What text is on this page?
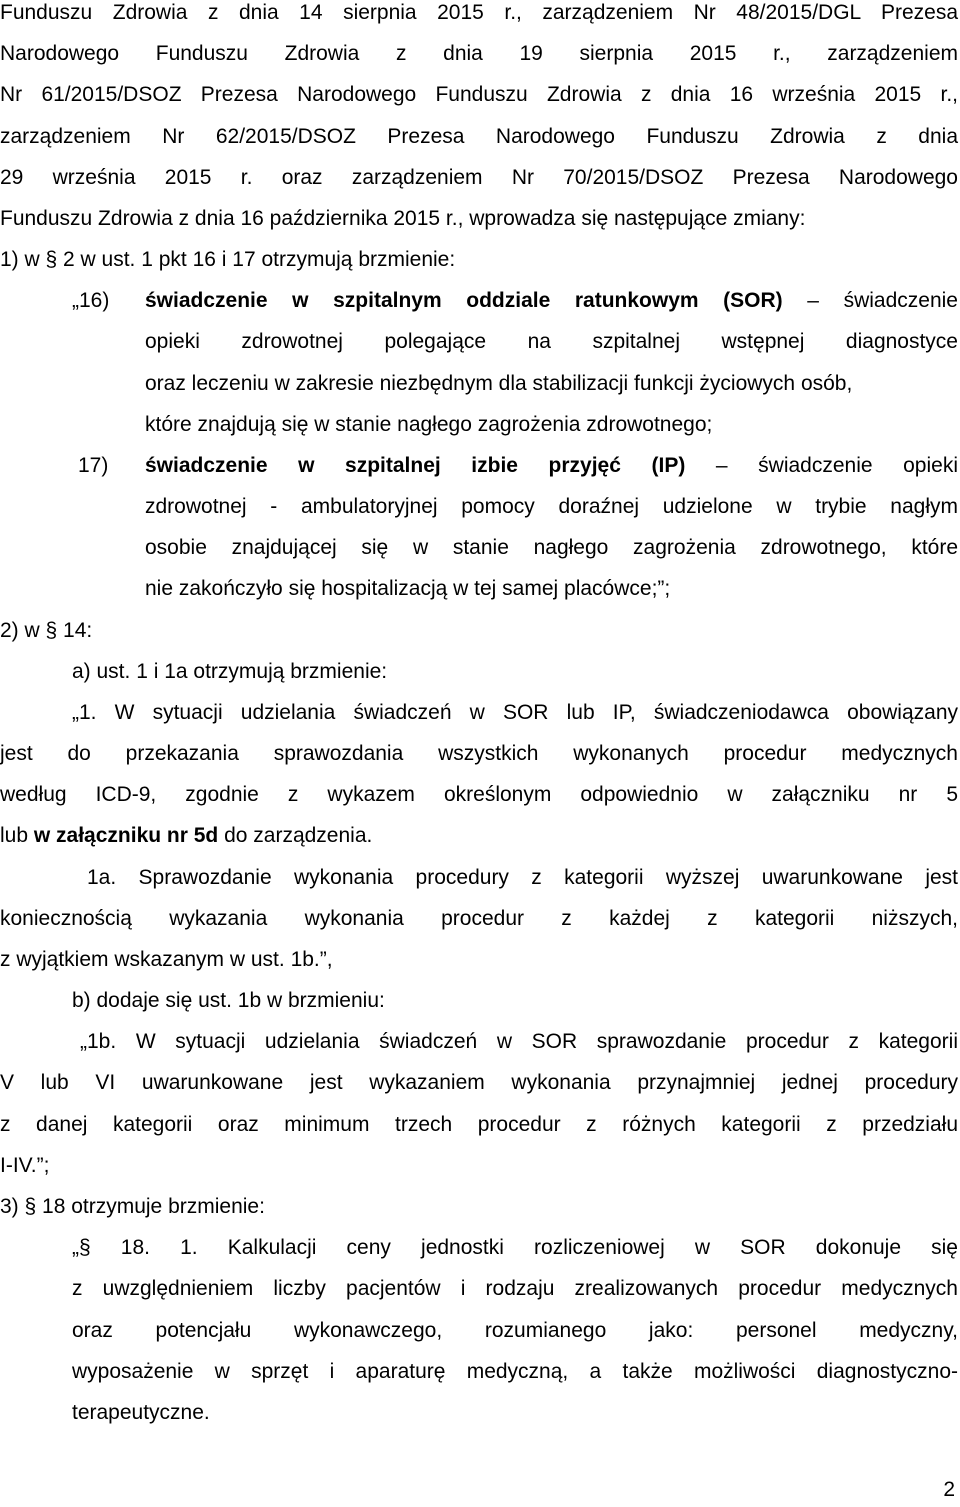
Funduszu Zdrowia z dnia 14 sierpnia 2015 r., zarządzeniem Nr 48/2015/DGL Prezesa
Narodowego Funduszu Zdrowia z dnia 19 sierpnia 2015 r., zarządzeniem
Nr 61/2015/DSOZ Prezesa Narodowego Funduszu Zdrowia z dnia 16 września 2015 r.,
zarządzeniem Nr 62/2015/DSOZ Prezesa Narodowego Funduszu Zdrowia z dnia
29 września 2015 r. oraz zarządzeniem Nr 70/2015/DSOZ Prezesa Narodowego
Funduszu Zdrowia z dnia 16 października 2015 r., wprowadza się następujące zmiany:
1) w § 2 w ust. 1 pkt 16 i 17 otrzymują brzmienie:
„16) świadczenie w szpitalnym oddziale ratunkowym (SOR) – świadczenie
opieki zdrowotnej polegające na szpitalnej wstępnej diagnostyce
oraz leczeniu w zakresie niezbędnym dla stabilizacji funkcji życiowych osób,
które znajdują się w stanie nagłego zagrożenia zdrowotnego;
17) świadczenie w szpitalnej izbie przyjęć (IP) – świadczenie opieki
zdrowotnej - ambulatoryjnej pomocy doraźnej udzielone w trybie nagłym
osobie znajdującej się w stanie nagłego zagrożenia zdrowotnego, które
nie zakończyło się hospitalizacją w tej samej placówce;”;
2) w § 14:
a) ust. 1 i 1a otrzymują brzmienie:
„1. W sytuacji udzielania świadczeń w SOR lub IP, świadczeniodawca obowiązany
jest do przekazania sprawozdania wszystkich wykonanych procedur medycznych
według ICD-9, zgodnie z wykazem określonym odpowiednio w załączniku nr 5
lub w załączniku nr 5d do zarządzenia.
1a. Sprawozdanie wykonania procedury z kategorii wyższej uwarunkowane jest
koniecznością wykazania wykonania procedur z każdej z kategorii niższych,
z wyjątkiem wskazanym w ust. 1b.”,
b) dodaje się ust. 1b w brzmieniu:
„1b. W sytuacji udzielania świadczeń w SOR sprawozdanie procedur z kategorii
V lub VI uwarunkowane jest wykazaniem wykonania przynajmniej jednej procedury
z danej kategorii oraz minimum trzech procedur z różnych kategorii z przedziału
I-IV.”;
3) § 18 otrzymuje brzmienie:
„§ 18. 1. Kalkulacji ceny jednostki rozliczeniowej w SOR dokonuje się
z uwzględnieniem liczby pacjentów i rodzaju zrealizowanych procedur medycznych
oraz potencjału wykonawczego, rozumianego jako: personel medyczny,
wyposażenie w sprzęt i aparaturę medyczną, a także możliwości diagnostyczno-
terapeutyczne.
2
